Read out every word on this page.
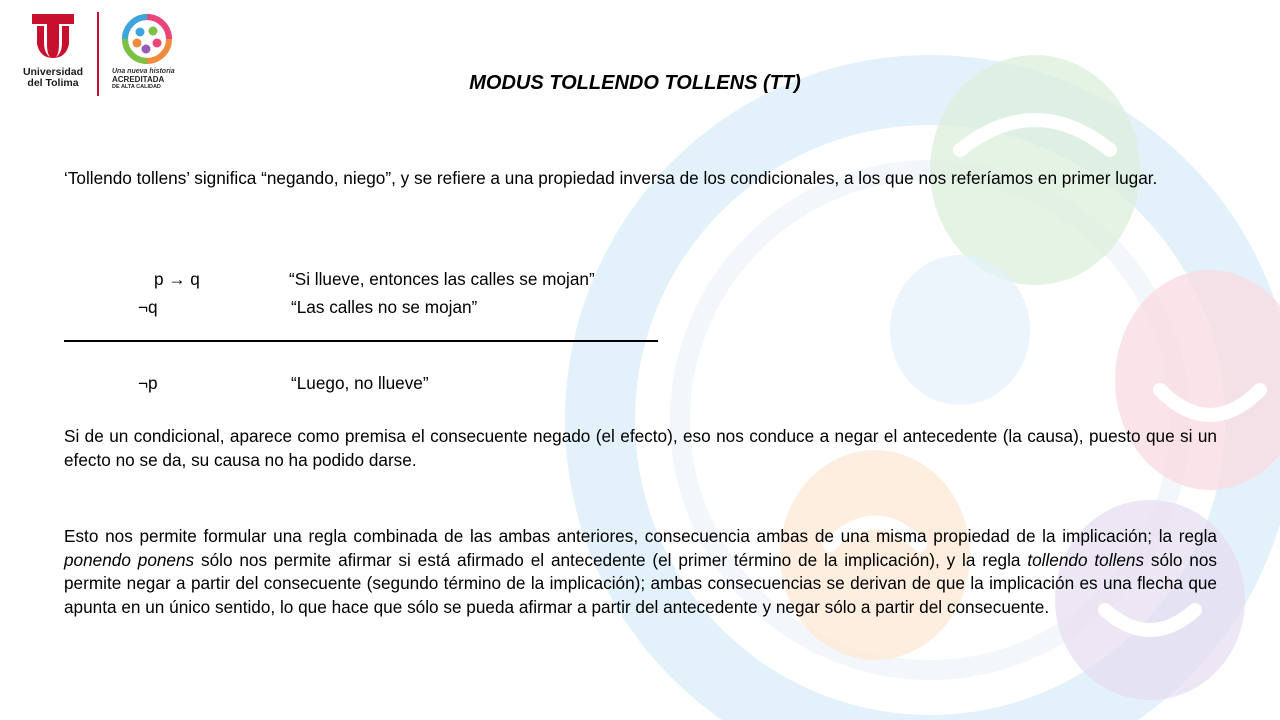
Universidad
del Tolima
Una nueva historia
ACREDITADA
DE ALTA CALIDAD	MODUS TOLLENDO TOLLENS (TT)
‘Tollendo tollens’ significa “negando, niego”, y se refiere a una propiedad inversa de los condicionales, a los que nos referíamos en primer lugar.
p → q	“Si llueve, entonces las calles se mojan”
¬q	“Las calles no se mojan”
¬p	“Luego, no llueve”
Si de un condicional, aparece como premisa el consecuente negado (el efecto), eso nos conduce a negar el antecedente (la causa), puesto que si un efecto no se da, su causa no ha podido darse.
Esto nos permite formular una regla combinada de las ambas anteriores, consecuencia ambas de una misma propiedad de la implicación; la regla ponendo ponens sólo nos permite afirmar si está afirmado el antecedente (el primer término de la implicación), y la regla tollendo tollens sólo nos permite negar a partir del consecuente (segundo término de la implicación); ambas consecuencias se derivan de que la implicación es una flecha que apunta en un único sentido, lo que hace que sólo se pueda afirmar a partir del antecedente y negar sólo a partir del consecuente.
